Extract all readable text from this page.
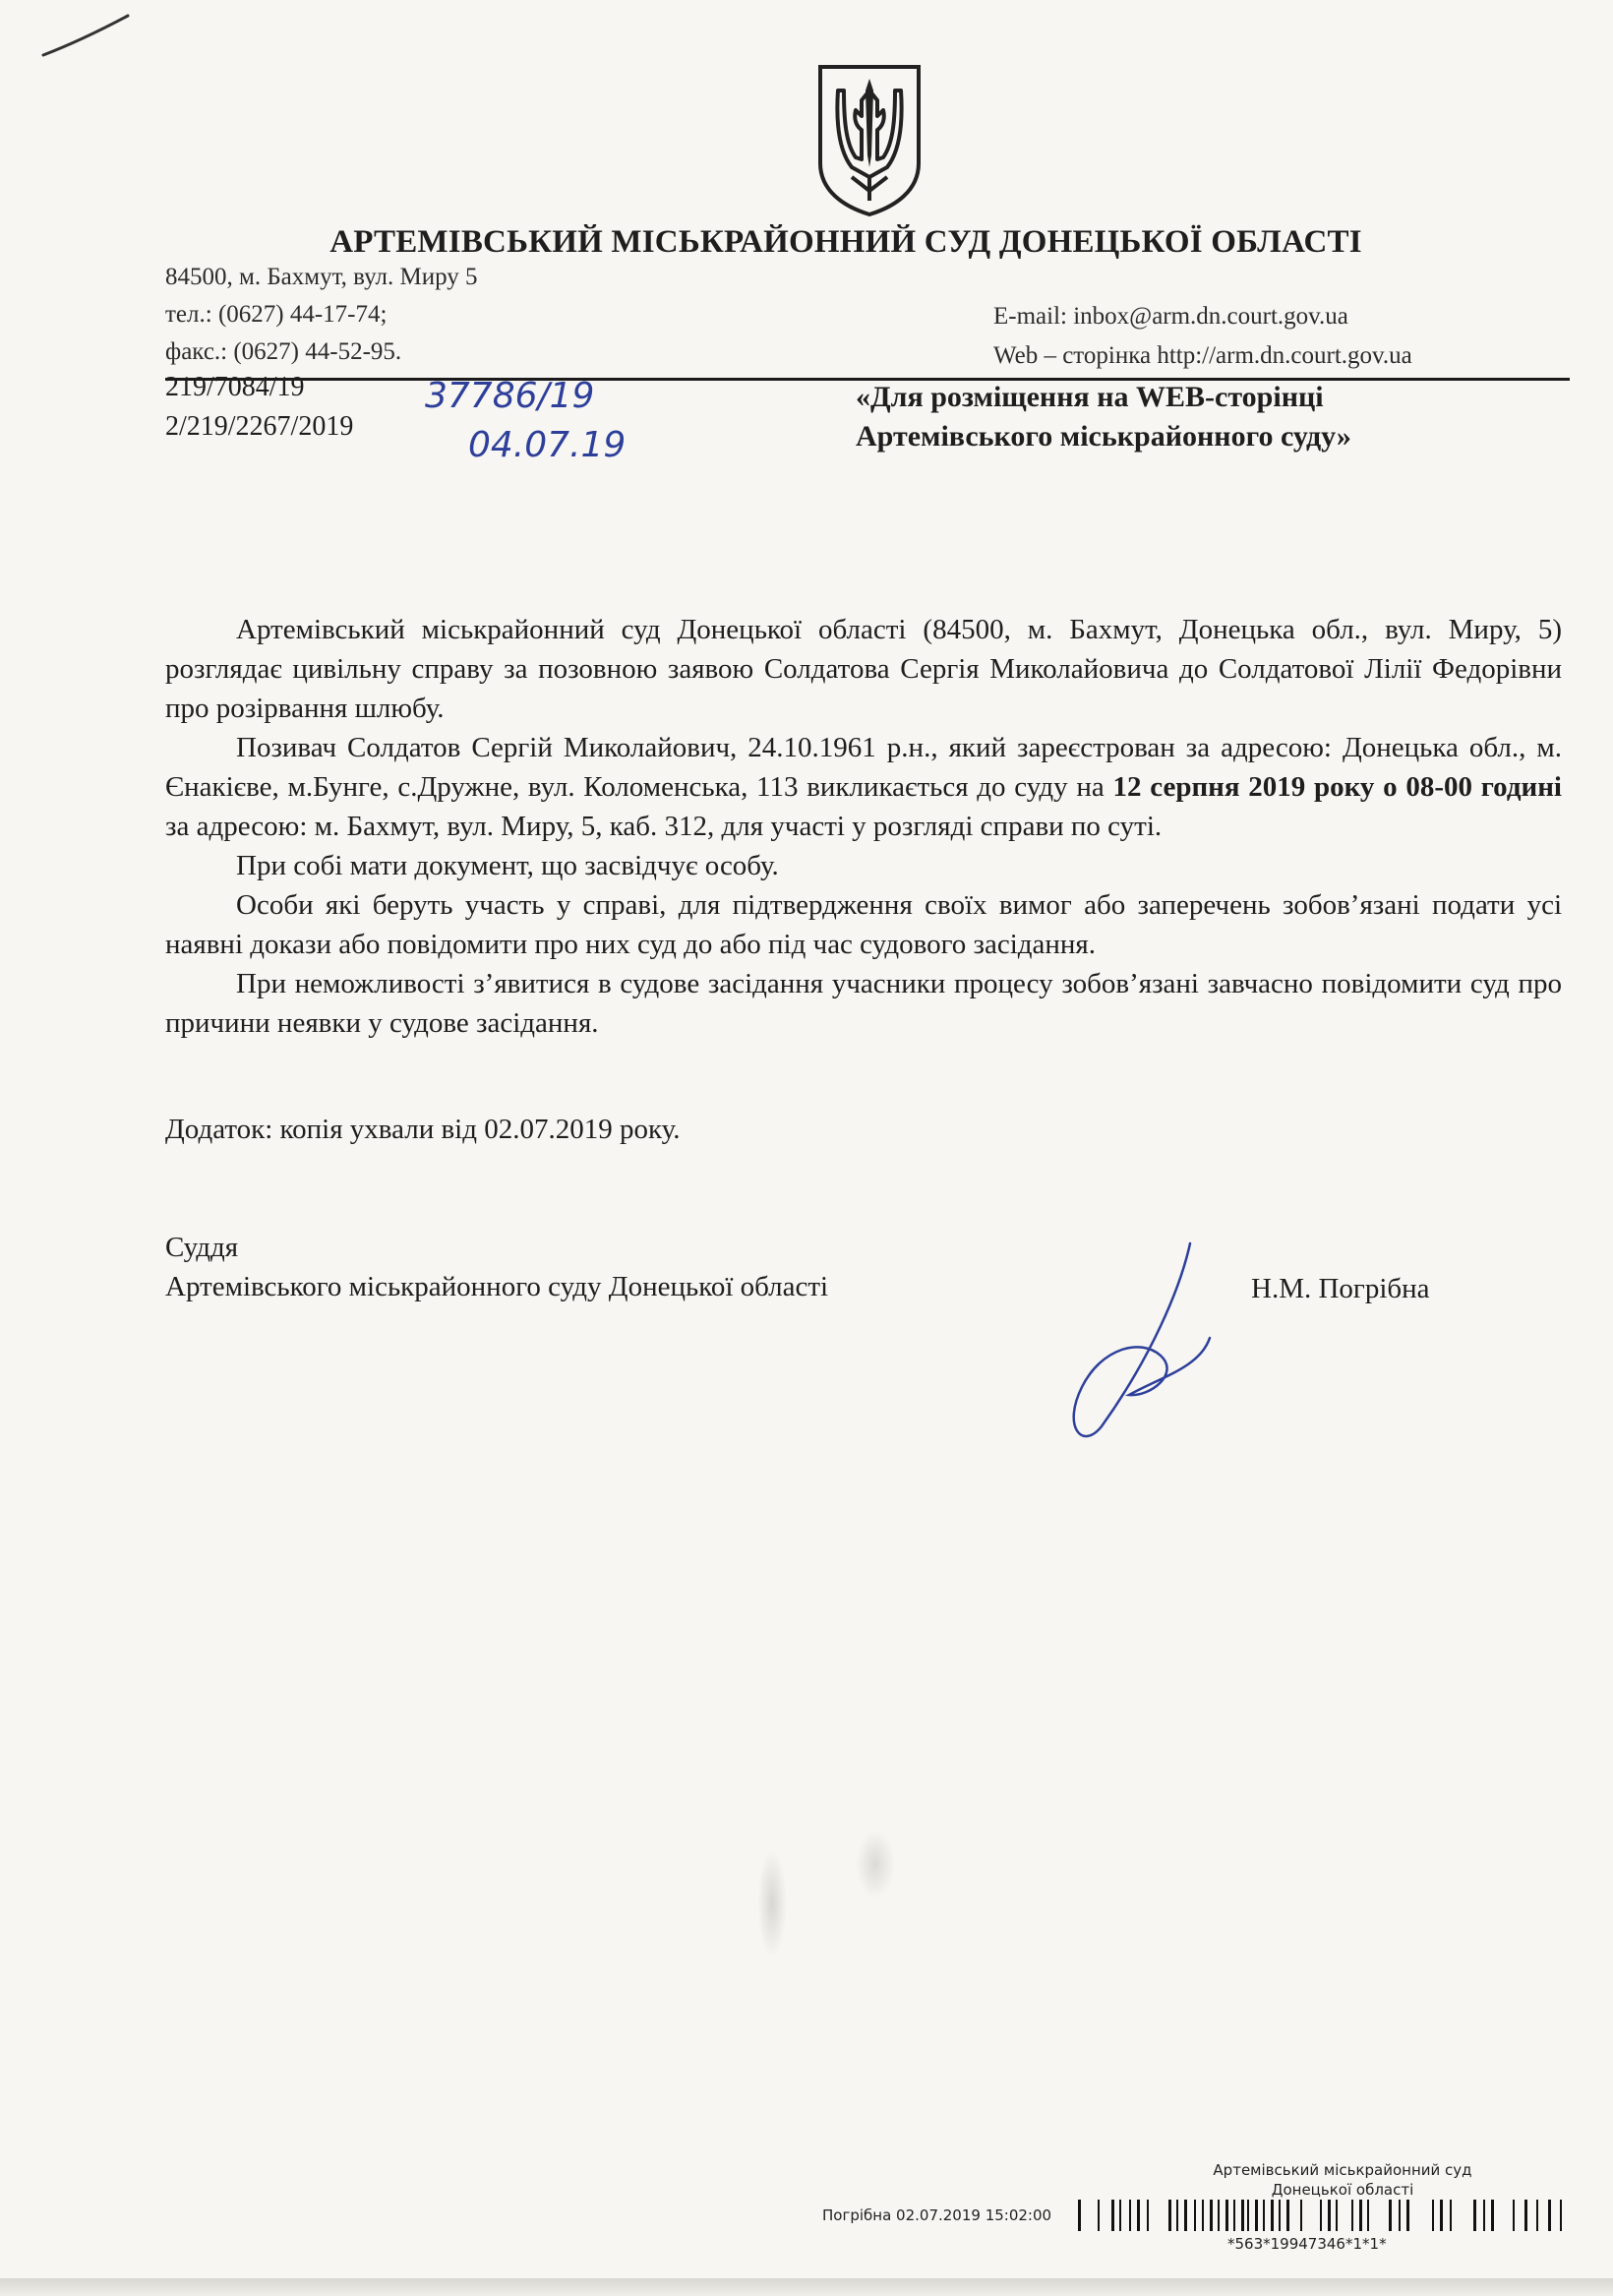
АРТЕМІВСЬКИЙ МІСЬКРАЙОННИЙ СУД ДОНЕЦЬКОЇ ОБЛАСТІ
84500, м. Бахмут, вул. Миру 5
тел.: (0627) 44-17-74;
факс.: (0627) 44-52-95.
E-mail: inbox@arm.dn.court.gov.ua
Web – сторінка http://arm.dn.court.gov.ua
219/7084/19
2/219/2267/2019
37786/19
04.07.19
«Для розміщення на WEB-сторінці
Артемівського міськрайонного суду»

Артемівський міськрайонний суд Донецької області (84500, м. Бахмут, Донецька обл., вул. Миру, 5) розглядає цивільну справу за позовною заявою Солдатова Сергія Миколайовича до Солдатової Лілії Федорівни про розірвання шлюбу.

Позивач Солдатов Сергій Миколайович, 24.10.1961 р.н., який зареєстрован за адресою: Донецька обл., м. Єнакієве, м.Бунге, с.Дружне, вул. Коломенська, 113 викликається до суду на 12 серпня 2019 року о 08-00 годині за адресою: м. Бахмут, вул. Миру, 5, каб. 312, для участі у розгляді справи по суті.

При собі мати документ, що засвідчує особу.

Особи які беруть участь у справі, для підтвердження своїх вимог або заперечень зобов’язані подати усі наявні докази або повідомити про них суд до або під час судового засідання.

При неможливості з’явитися в судове засідання учасники процесу зобов’язані завчасно повідомити суд про причини неявки у судове засідання.

Додаток: копія ухвали від 02.07.2019 року.
Суддя
Артемівського міськрайонного суду Донецької області	Н.М. Погрібна
Артемівський міськрайонний суд
Донецької області
Погрібна 02.07.2019 15:02:00
*563*19947346*1*1*
